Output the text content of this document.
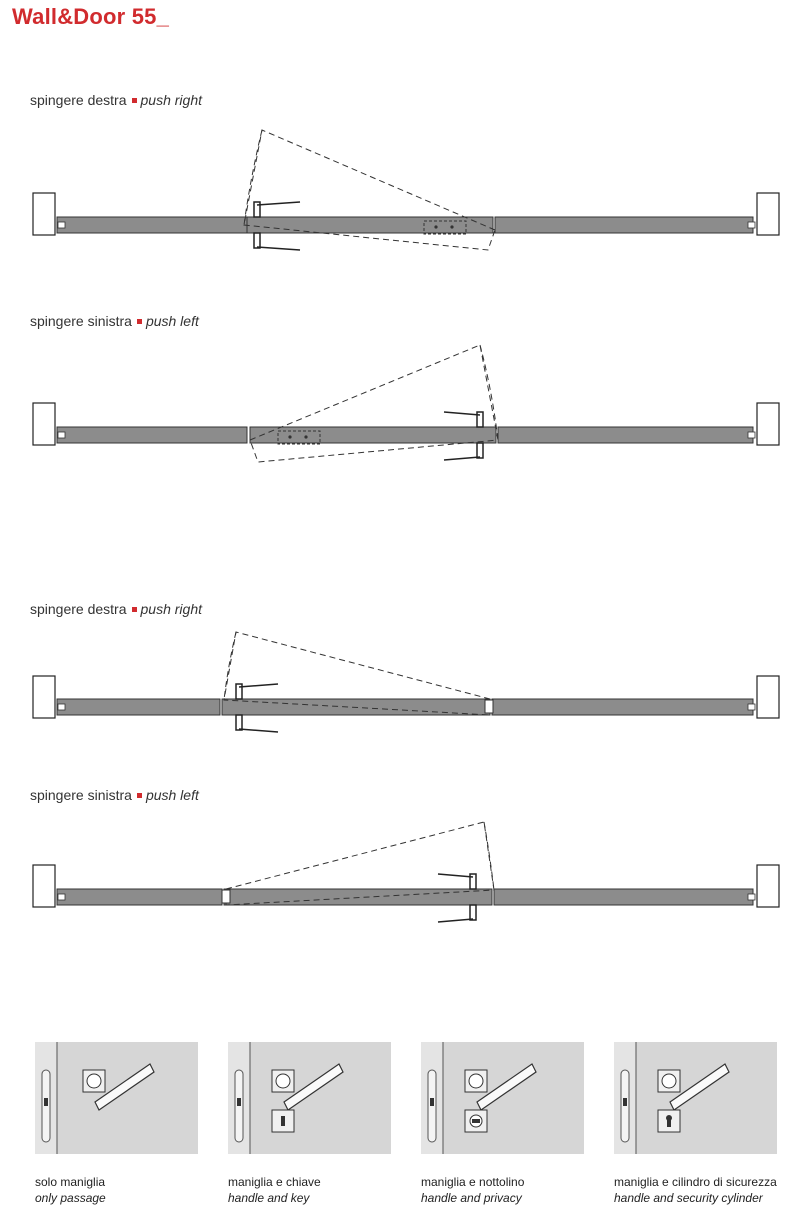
Wall&Door 55_
spingere destra push right
spingere sinistra push left
spingere destra push right
spingere sinistra push left
solo maniglia
only passage
maniglia e chiave
handle and key
maniglia e nottolino
handle and privacy
maniglia e cilindro di sicurezza
handle and security cylinder
